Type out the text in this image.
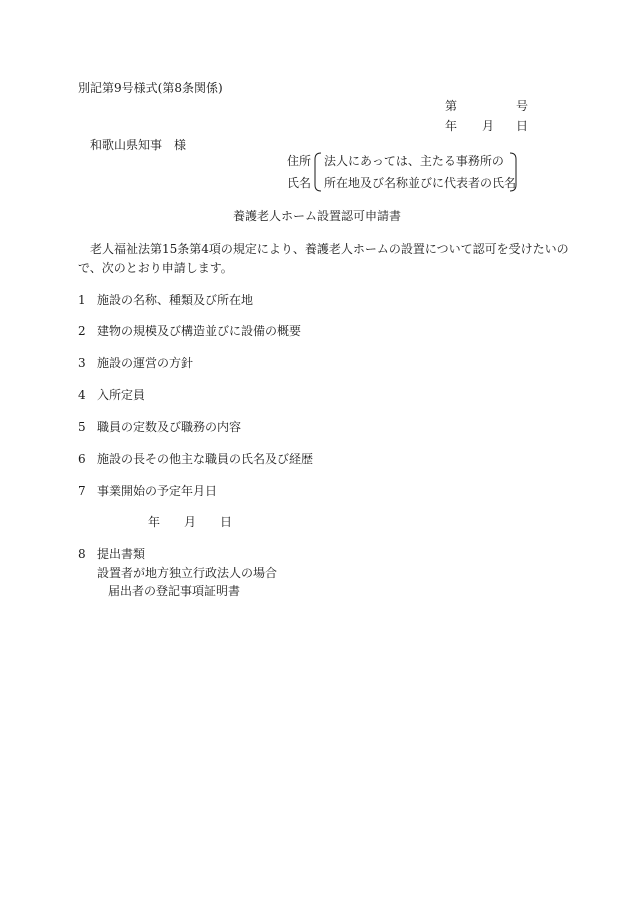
別記第9号様式(第8条関係)
第	号
年 月 日
和歌山県知事　様
住所
氏名
法人にあっては、主たる事務所の
所在地及び名称並びに代表者の氏名
養護老人ホーム設置認可申請書
老人福祉法第15条第4項の規定により、養護老人ホームの設置について認可を受けたいの
で、次のとおり申請します。
1 施設の名称、種類及び所在地
2 建物の規模及び構造並びに設備の概要
3 施設の運営の方針
4 入所定員
5 職員の定数及び職務の内容
6 施設の長その他主な職員の氏名及び経歴
7 事業開始の予定年月日
年 月 日
8 提出書類
設置者が地方独立行政法人の場合
届出者の登記事項証明書
